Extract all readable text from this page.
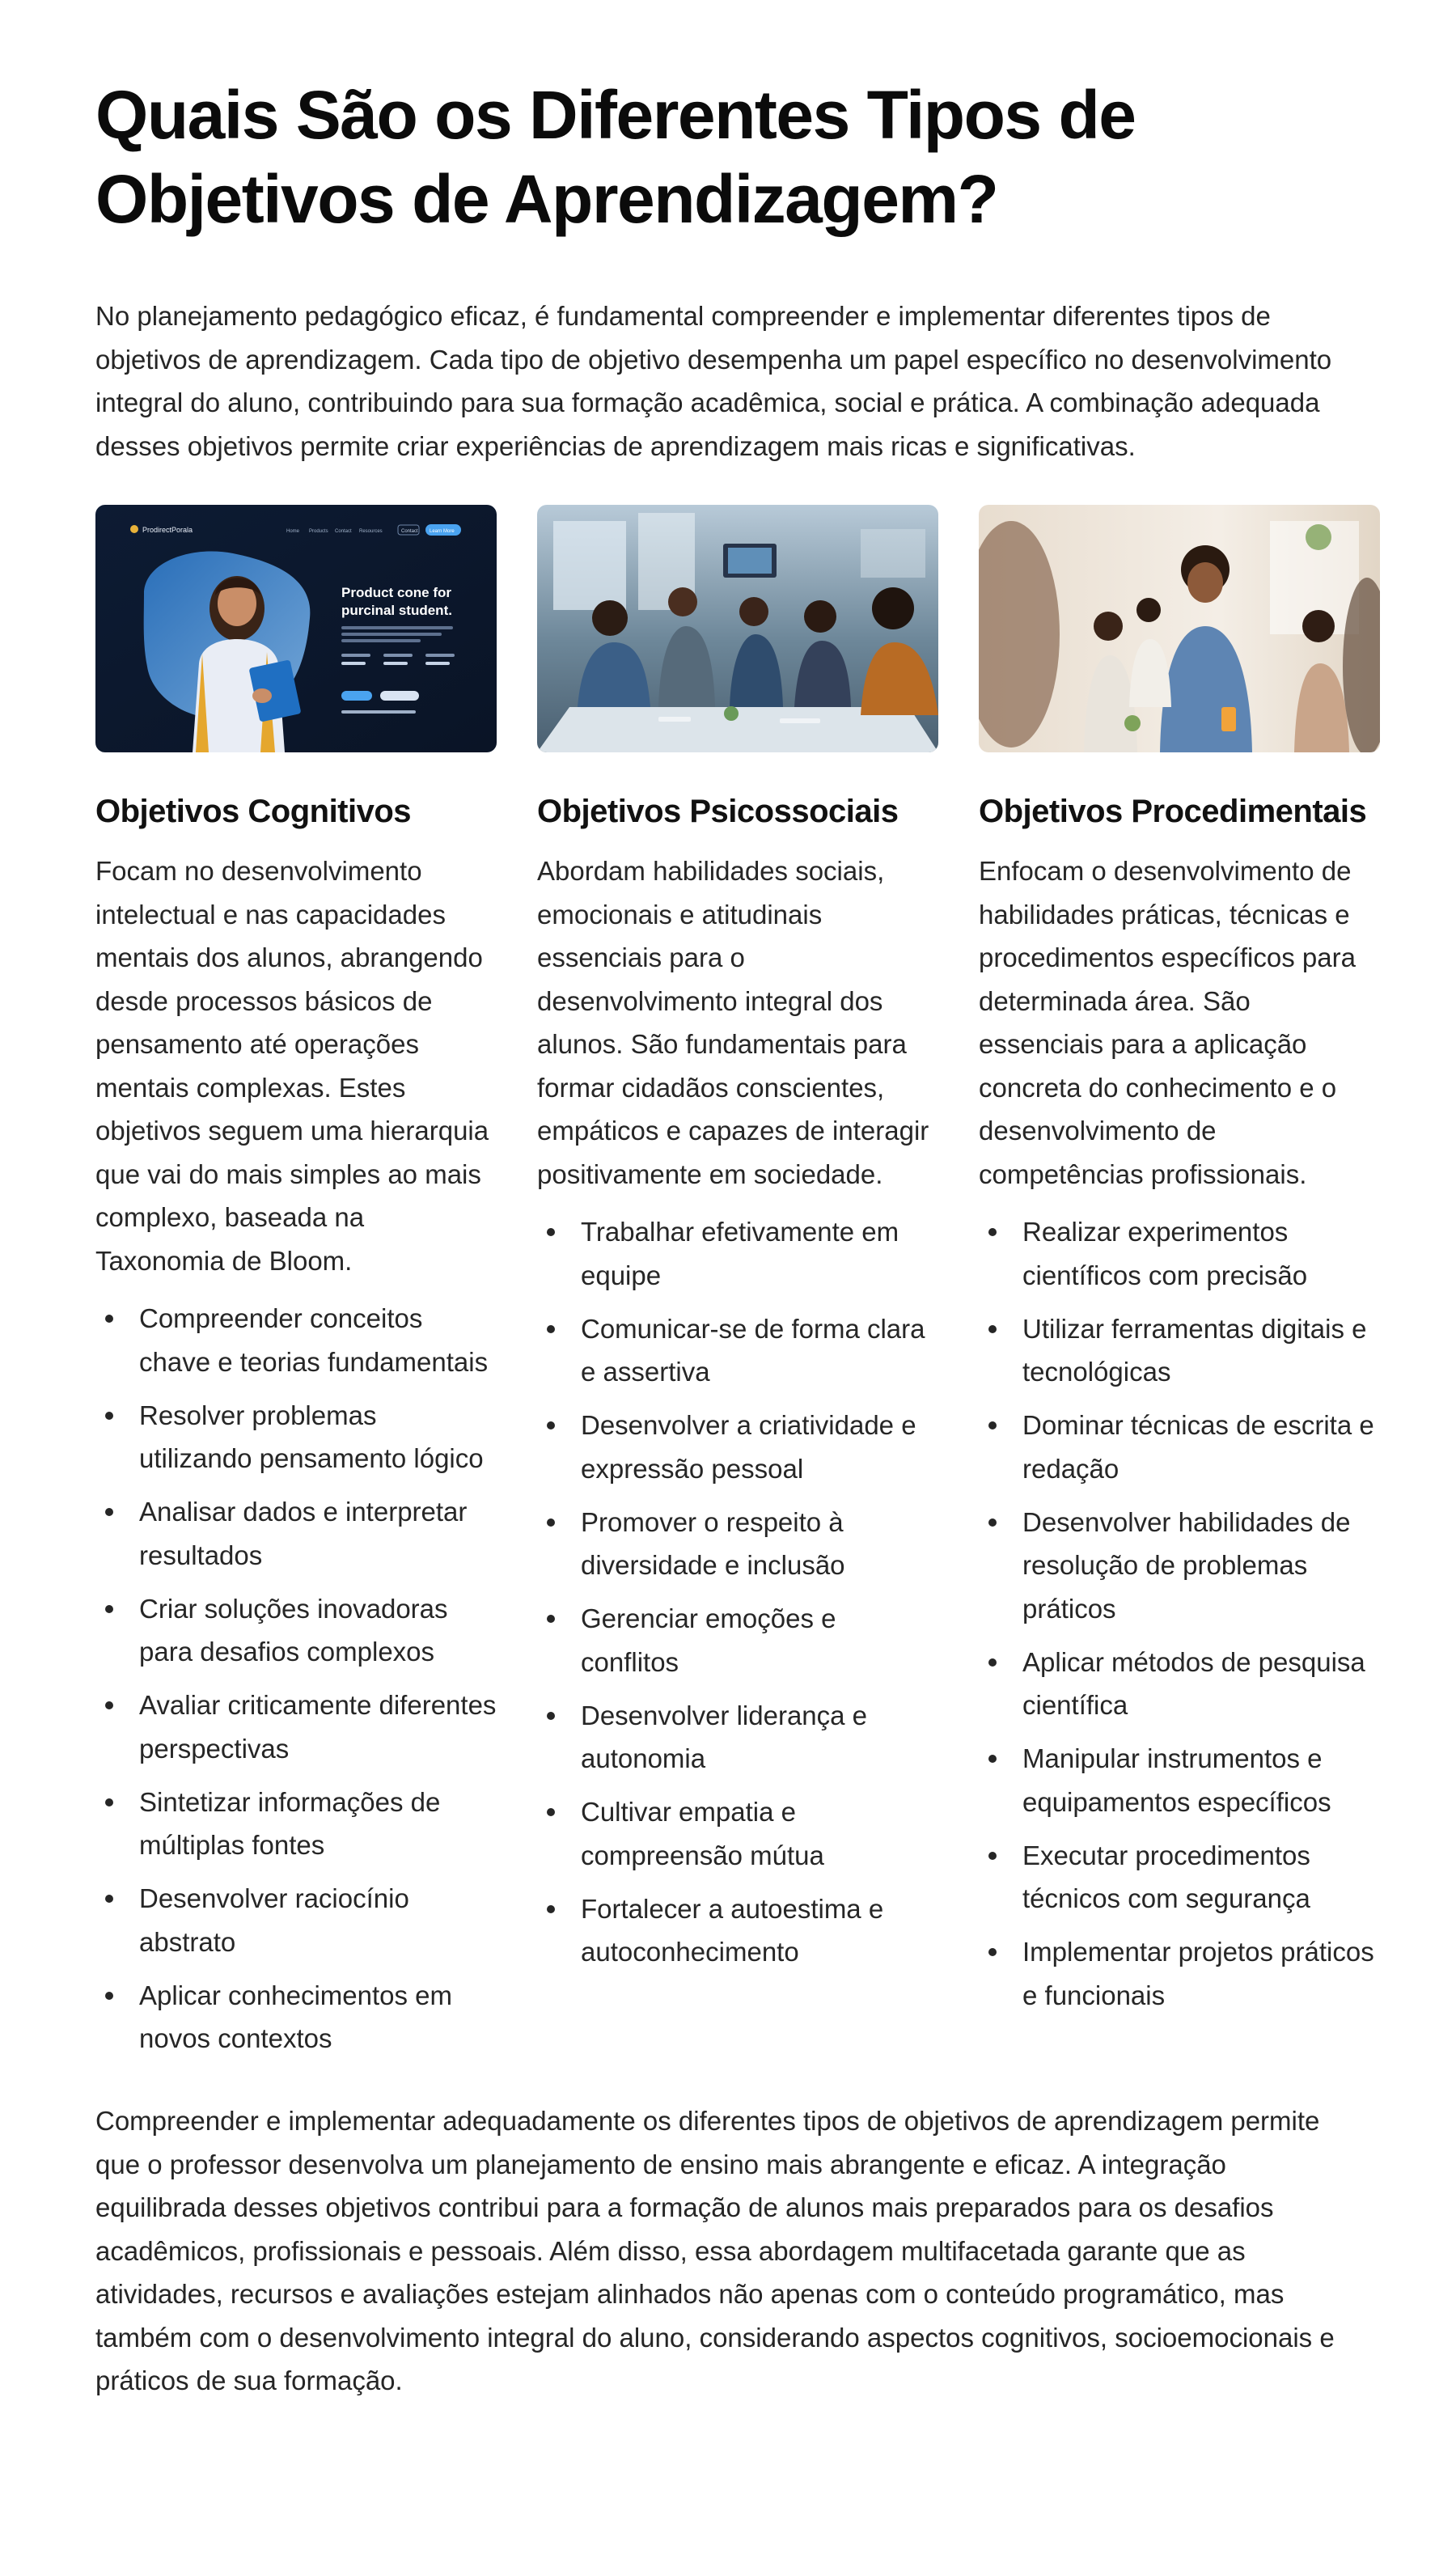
Quais São os Diferentes Tipos de Objetivos de Aprendizagem?

No planejamento pedagógico eficaz, é fundamental compreender e implementar diferentes tipos de objetivos de aprendizagem. Cada tipo de objetivo desempenha um papel específico no desenvolvimento integral do aluno, contribuindo para sua formação acadêmica, social e prática. A combinação adequada desses objetivos permite criar experiências de aprendizagem mais ricas e significativas.

ProdirectPorala	Home Products Contact Resources	Contact Learn More
Product cone for
purcinal student.
Objetivos Cognitivos

Focam no desenvolvimento intelectual e nas capacidades mentais dos alunos, abrangendo desde processos básicos de pensamento até operações mentais complexas. Estes objetivos seguem uma hierarquia que vai do mais simples ao mais complexo, baseada na Taxonomia de Bloom.

Compreender conceitos chave e teorias fundamentais
Resolver problemas utilizando pensamento lógico
Analisar dados e interpretar resultados
Criar soluções inovadoras para desafios complexos
Avaliar criticamente diferentes perspectivas
Sintetizar informações de múltiplas fontes
Desenvolver raciocínio abstrato
Aplicar conhecimentos em novos contextos
Objetivos Psicossociais

Abordam habilidades sociais, emocionais e atitudinais essenciais para o desenvolvimento integral dos alunos. São fundamentais para formar cidadãos conscientes, empáticos e capazes de interagir positivamente em sociedade.

Trabalhar efetivamente em equipe
Comunicar-se de forma clara e assertiva
Desenvolver a criatividade e expressão pessoal
Promover o respeito à diversidade e inclusão
Gerenciar emoções e conflitos
Desenvolver liderança e autonomia
Cultivar empatia e compreensão mútua
Fortalecer a autoestima e autoconhecimento
Objetivos Procedimentais

Enfocam o desenvolvimento de habilidades práticas, técnicas e procedimentos específicos para determinada área. São essenciais para a aplicação concreta do conhecimento e o desenvolvimento de competências profissionais.

Realizar experimentos científicos com precisão
Utilizar ferramentas digitais e tecnológicas
Dominar técnicas de escrita e redação
Desenvolver habilidades de resolução de problemas práticos
Aplicar métodos de pesquisa científica
Manipular instrumentos e equipamentos específicos
Executar procedimentos técnicos com segurança
Implementar projetos práticos e funcionais

Compreender e implementar adequadamente os diferentes tipos de objetivos de aprendizagem permite que o professor desenvolva um planejamento de ensino mais abrangente e eficaz. A integração equilibrada desses objetivos contribui para a formação de alunos mais preparados para os desafios acadêmicos, profissionais e pessoais. Além disso, essa abordagem multifacetada garante que as atividades, recursos e avaliações estejam alinhados não apenas com o conteúdo programático, mas também com o desenvolvimento integral do aluno, considerando aspectos cognitivos, socioemocionais e práticos de sua formação.
